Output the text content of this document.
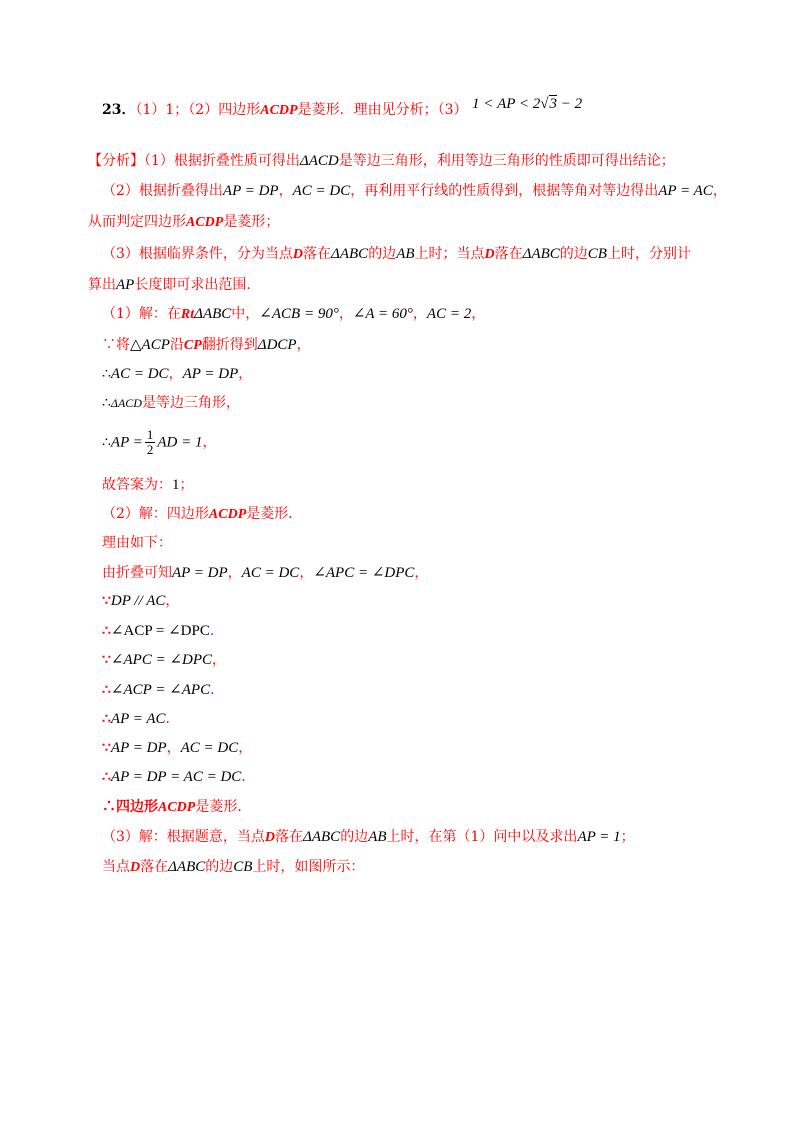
23．（1）1；（2）四边形ACDP是菱形．理由见分析；（3） 1 < AP < 2√3 − 2
【分析】（1）根据折叠性质可得出ΔACD是等边三角形，利用等边三角形的性质即可得出结论；
（2）根据折叠得出AP = DP，AC = DC，再利用平行线的性质得到，根据等角对等边得出AP = AC，
从而判定四边形ACDP是菱形；
（3）根据临界条件，分为当点D落在ΔABC的边AB上时；当点D落在ΔABC的边CB上时，分别计
算出AP长度即可求出范围．
（1）解：在RtΔABC中，∠ACB = 90°，∠A = 60°，AC = 2，
∵将△ACP沿CP翻折得到ΔDCP，
∴AC = DC，AP = DP，
∴ΔACD是等边三角形，
∴AP = $\frac{1}{2}$ AD = 1，
故答案为：1；
（2）解：四边形ACDP是菱形．
理由如下：
由折叠可知AP = DP，AC = DC，∠APC = ∠DPC，
∵DP // AC，
∴∠ACP = ∠DPC．
∵∠APC = ∠DPC，
∴∠ACP = ∠APC．
∴AP = AC．
∵AP = DP，AC = DC，
∴AP = DP = AC = DC．
∴四边形ACDP是菱形．
（3）解：根据题意，当点D落在ΔABC的边AB上时，在第（1）问中以及求出AP = 1；
当点D落在ΔABC的边CB上时，如图所示：
